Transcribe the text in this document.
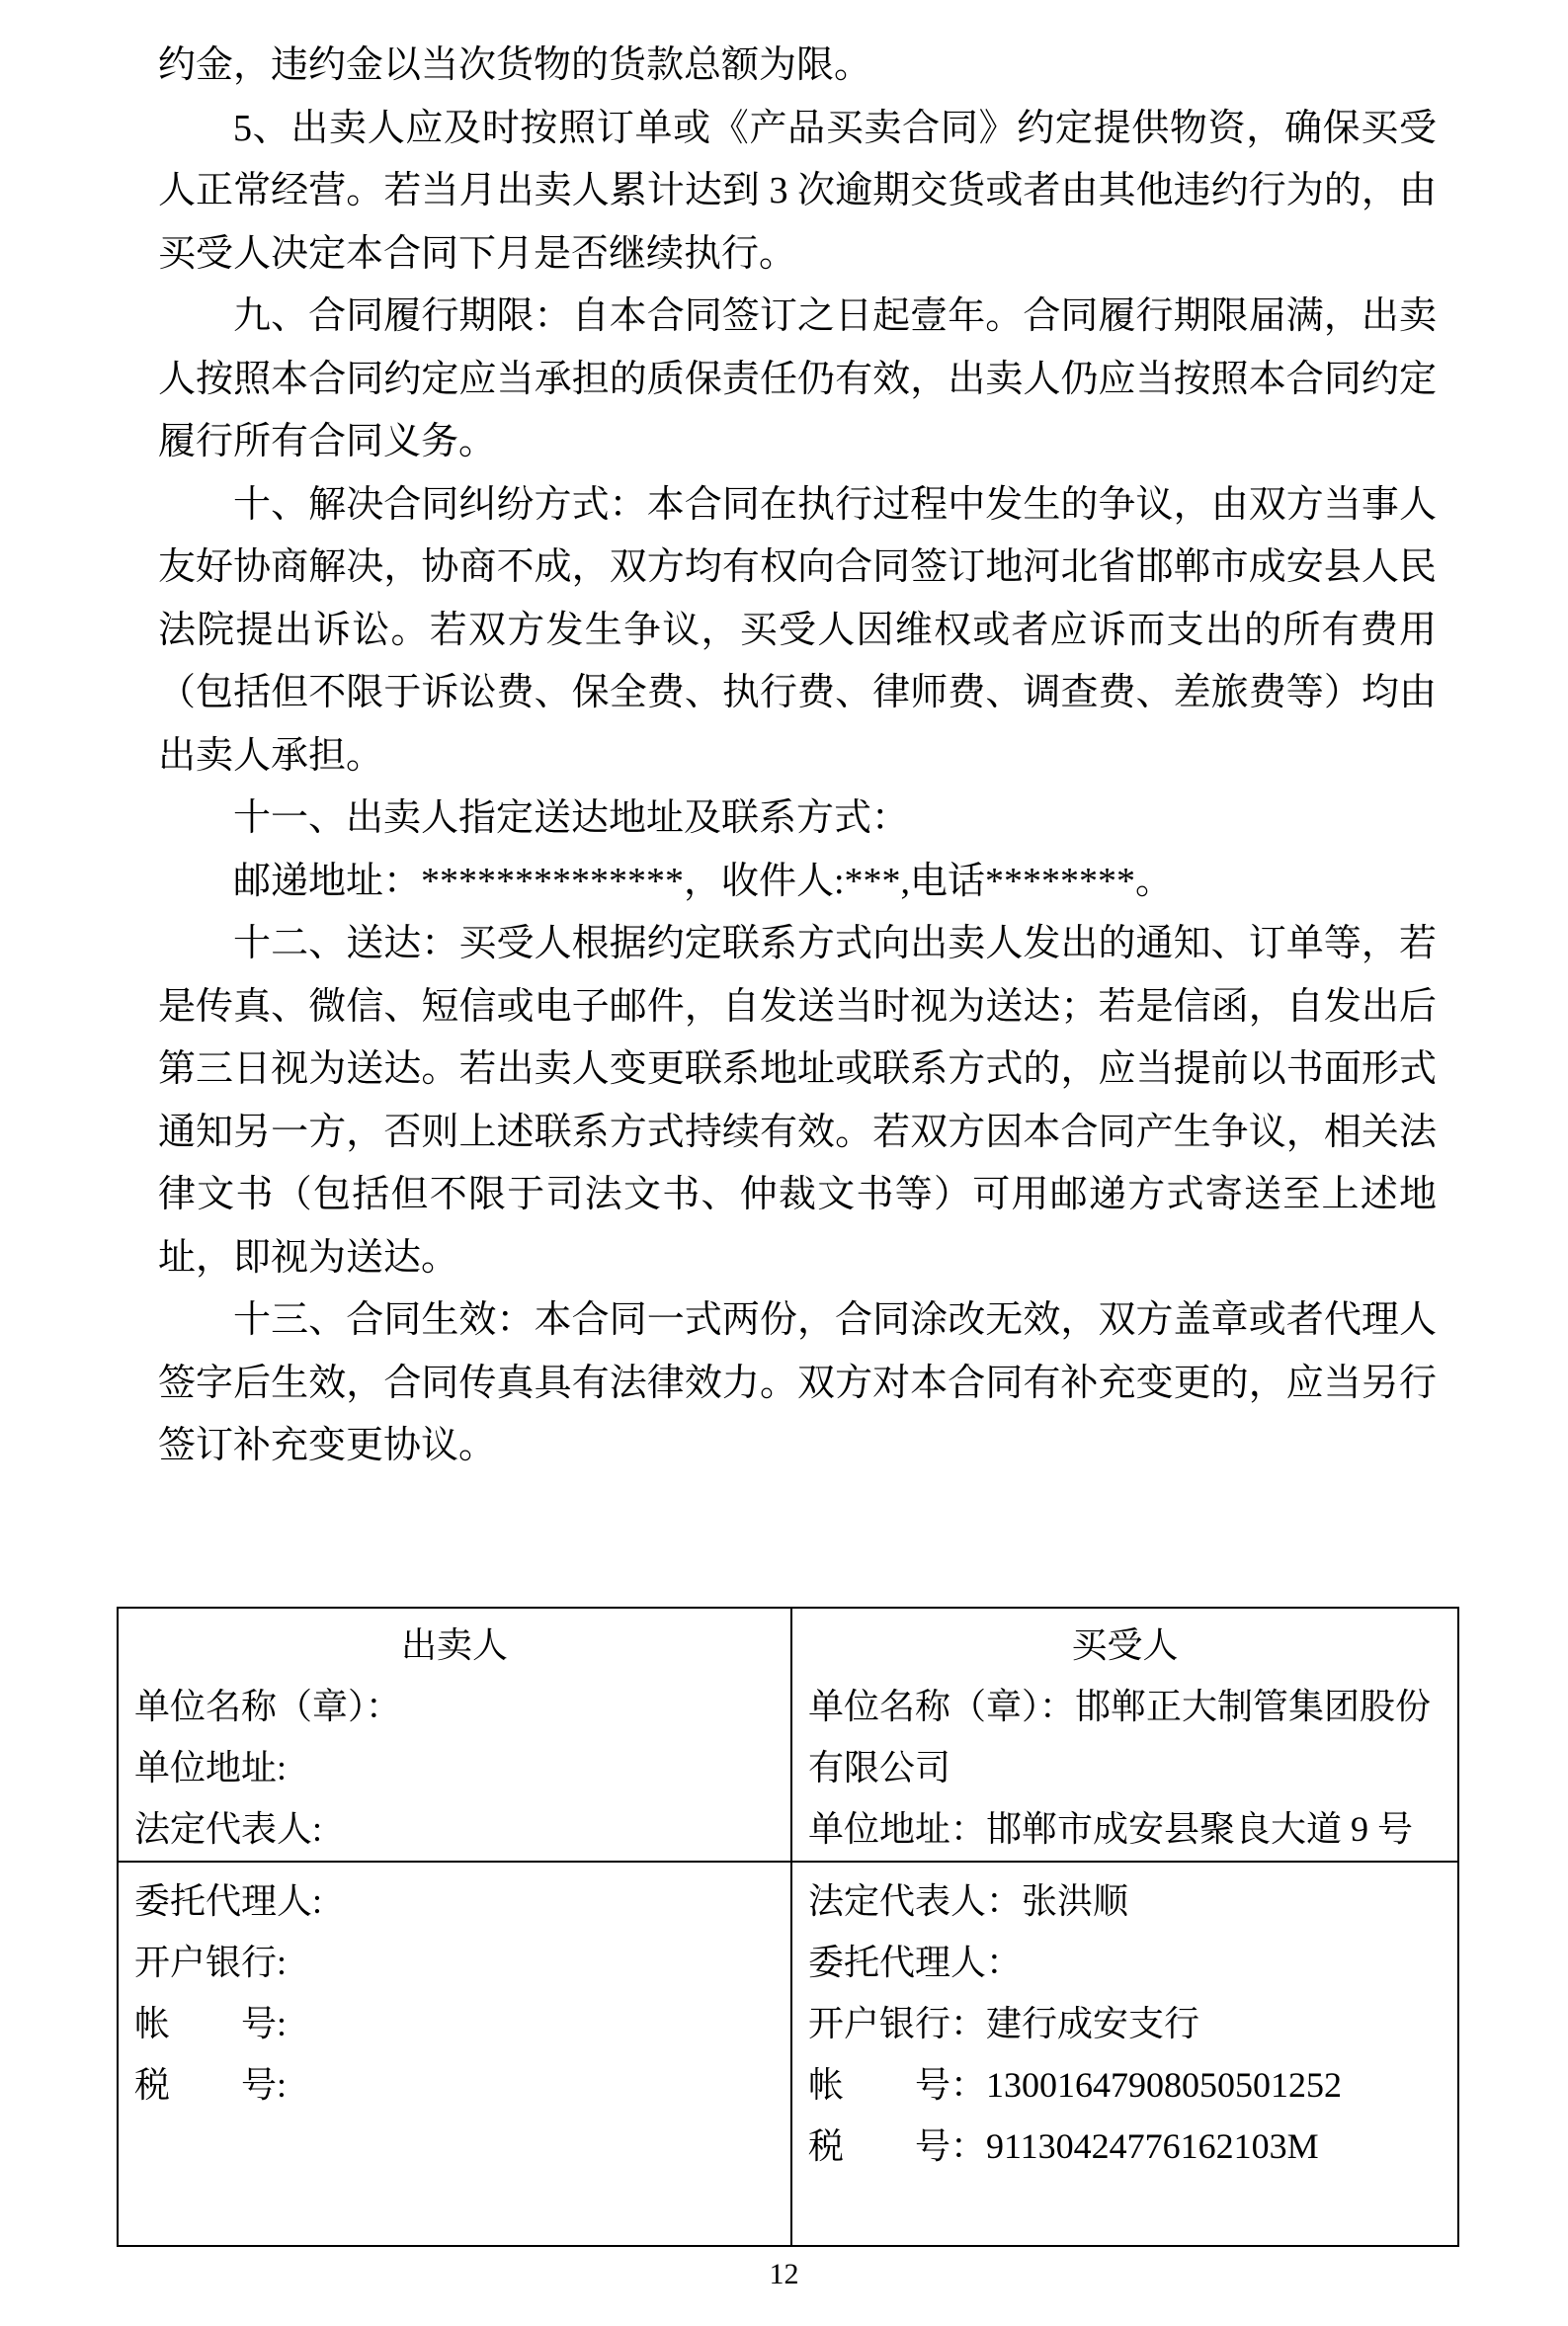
约金，违约金以当次货物的货款总额为限。

5、出卖人应及时按照订单或《产品买卖合同》约定提供物资，确保买受人正常经营。若当月出卖人累计达到 3 次逾期交货或者由其他违约行为的，由买受人决定本合同下月是否继续执行。

九、合同履行期限：自本合同签订之日起壹年。合同履行期限届满，出卖人按照本合同约定应当承担的质保责任仍有效，出卖人仍应当按照本合同约定履行所有合同义务。

十、解决合同纠纷方式：本合同在执行过程中发生的争议，由双方当事人友好协商解决，协商不成，双方均有权向合同签订地河北省邯郸市成安县人民法院提出诉讼。若双方发生争议，买受人因维权或者应诉而支出的所有费用（包括但不限于诉讼费、保全费、执行费、律师费、调查费、差旅费等）均由出卖人承担。

十一、出卖人指定送达地址及联系方式：

邮递地址：**************，收件人:***,电话********。

十二、送达：买受人根据约定联系方式向出卖人发出的通知、订单等，若是传真、微信、短信或电子邮件，自发送当时视为送达；若是信函，自发出后第三日视为送达。若出卖人变更联系地址或联系方式的，应当提前以书面形式通知另一方，否则上述联系方式持续有效。若双方因本合同产生争议，相关法律文书（包括但不限于司法文书、仲裁文书等）可用邮递方式寄送至上述地址，即视为送达。

十三、合同生效：本合同一式两份，合同涂改无效，双方盖章或者代理人签字后生效，合同传真具有法律效力。双方对本合同有补充变更的，应当另行签订补充变更协议。

出卖人
单位名称（章）：
单位地址:
法定代表人:

买受人
单位名称（章）：邯郸正大制管集团股份有限公司
单位地址：邯郸市成安县聚良大道 9 号

委托代理人:
开户银行:
帐　　号:
税　　号:

法定代表人：张洪顺
委托代理人：
开户银行：建行成安支行
帐　　号：13001647908050501252
税　　号：91130424776162103M
12
